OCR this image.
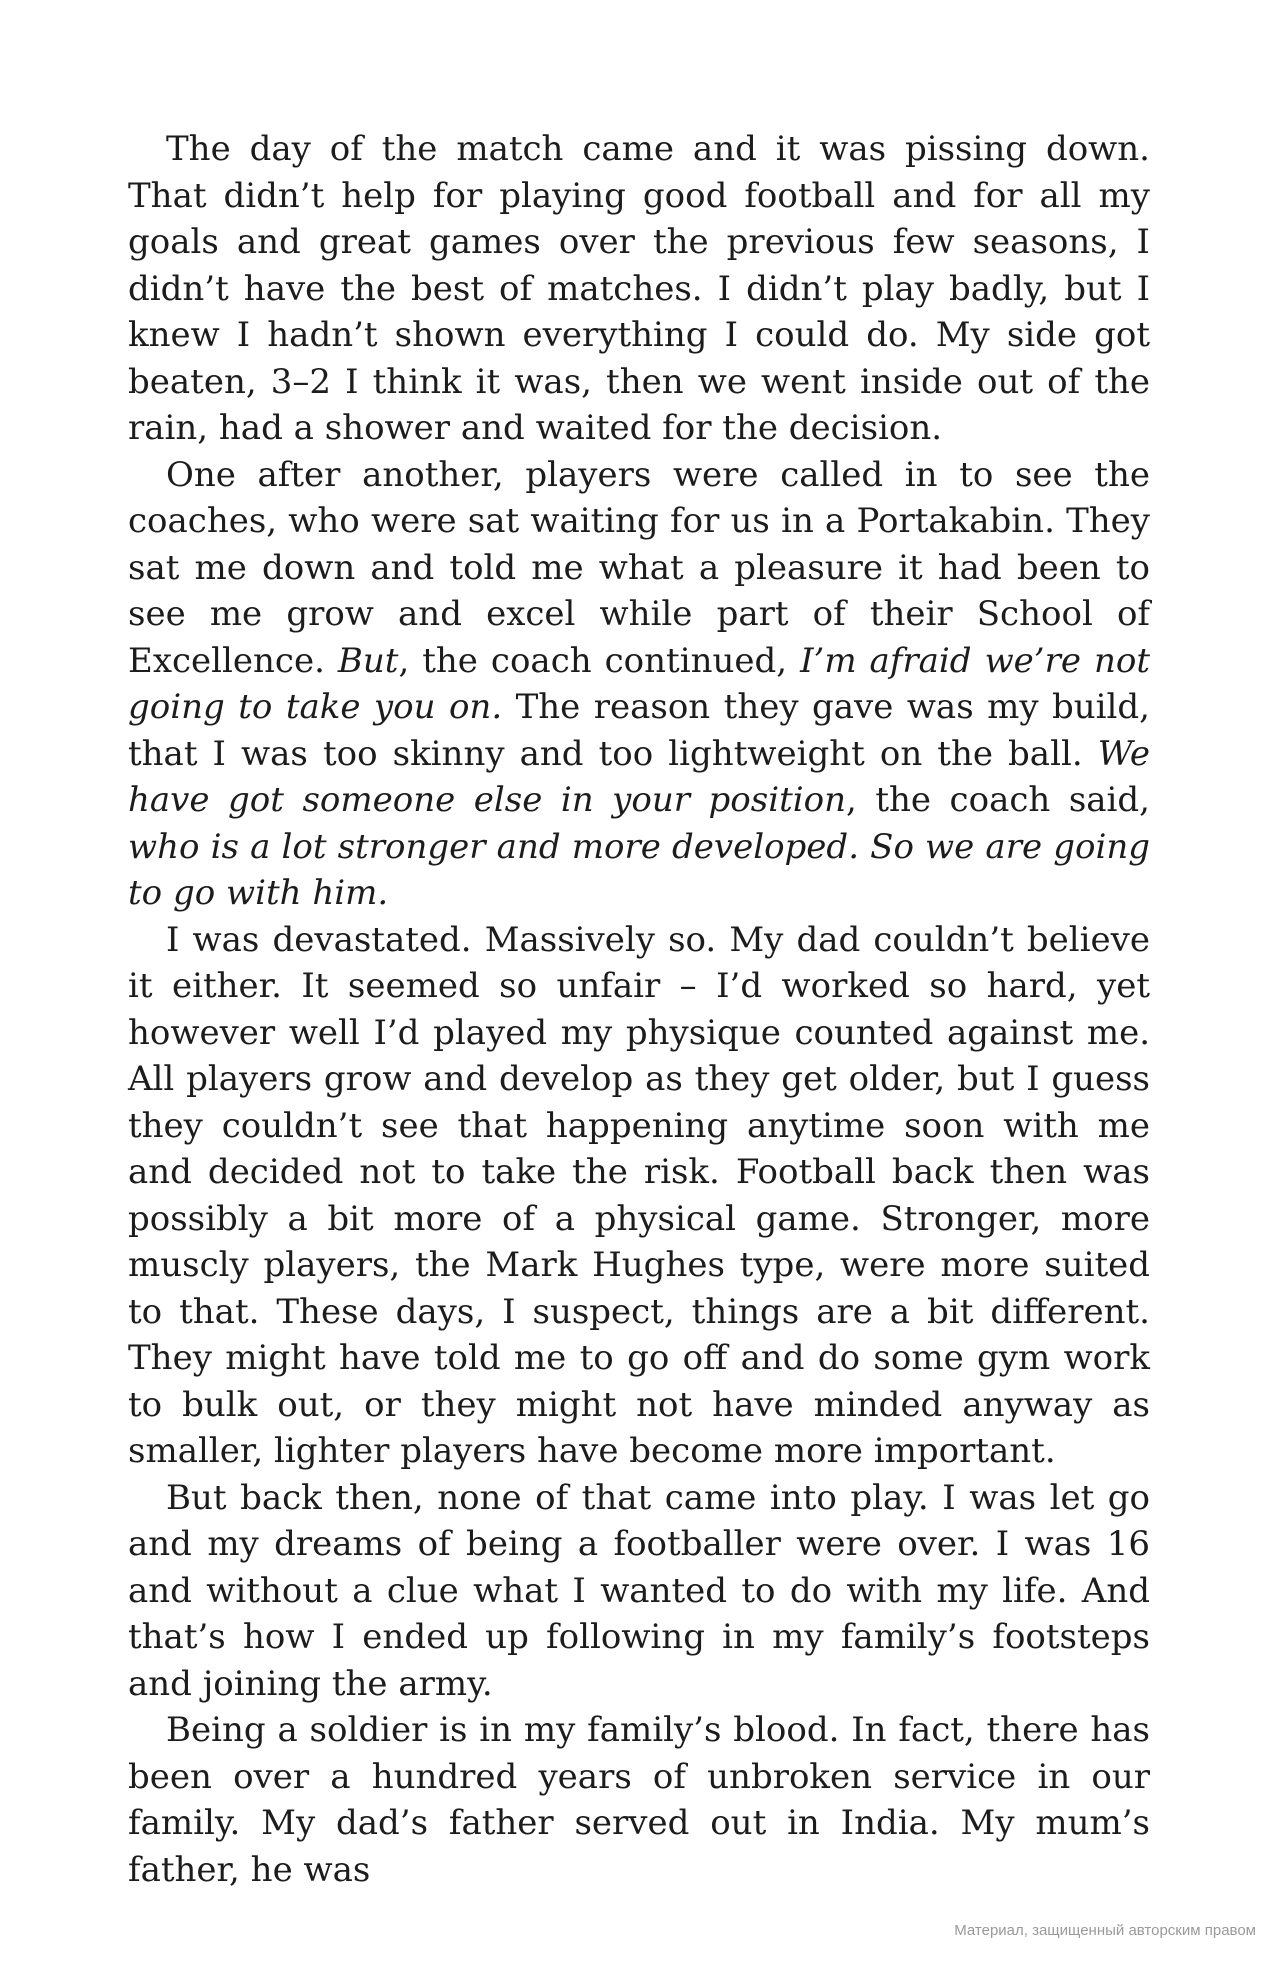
The day of the match came and it was pissing down. That didn’t help for playing good football and for all my goals and great games over the previous few seasons, I didn’t have the best of matches. I didn’t play badly, but I knew I hadn’t shown everything I could do. My side got beaten, 3–2 I think it was, then we went inside out of the rain, had a shower and waited for the decision.

One after another, players were called in to see the coaches, who were sat waiting for us in a Portakabin. They sat me down and told me what a pleasure it had been to see me grow and excel while part of their School of Excellence. But, the coach continued, I’m afraid we’re not going to take you on. The reason they gave was my build, that I was too skinny and too lightweight on the ball. We have got someone else in your position, the coach said, who is a lot stronger and more developed. So we are going to go with him.

I was devastated. Massively so. My dad couldn’t believe it either. It seemed so unfair – I’d worked so hard, yet however well I’d played my physique counted against me. All players grow and develop as they get older, but I guess they couldn’t see that happening anytime soon with me and decided not to take the risk. Football back then was possibly a bit more of a physical game. Stronger, more muscly players, the Mark Hughes type, were more suited to that. These days, I suspect, things are a bit different. They might have told me to go off and do some gym work to bulk out, or they might not have minded anyway as smaller, lighter players have become more important.

But back then, none of that came into play. I was let go and my dreams of being a footballer were over. I was 16 and without a clue what I wanted to do with my life. And that’s how I ended up following in my family’s footsteps and joining the army.

Being a soldier is in my family’s blood. In fact, there has been over a hundred years of unbroken service in our family. My dad’s father served out in India. My mum’s father, he was

Материал, защищенный авторским правом
